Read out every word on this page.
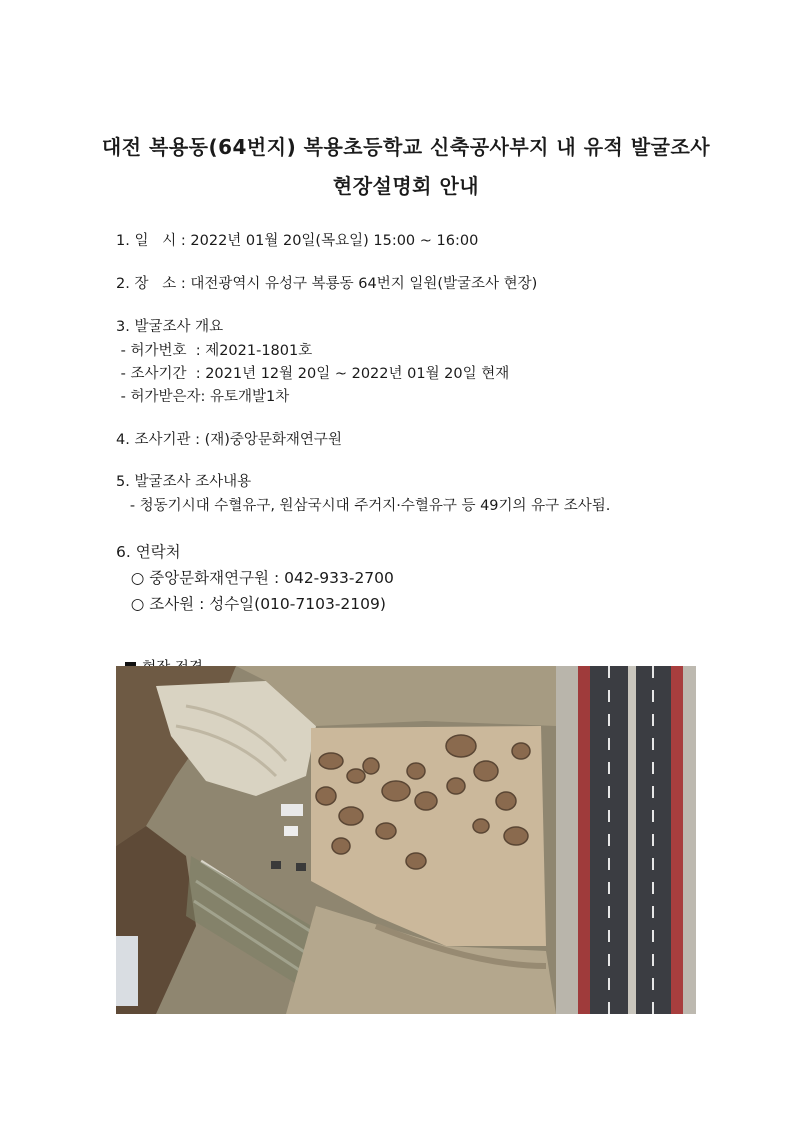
대전 복용동(64번지) 복용초등학교 신축공사부지 내 유적 발굴조사
현장설명회 안내
1. 일   시 : 2022년 01월 20일(목요일) 15:00 ~ 16:00
2. 장   소 : 대전광역시 유성구 복룡동 64번지 일원(발굴조사 현장)
3. 발굴조사 개요
- 허가번호  : 제2021-1801호
- 조사기간  : 2021년 12월 20일 ~ 2022년 01월 20일 현재
- 허가받은자: 유토개발1차
4. 조사기관 : (재)중앙문화재연구원
5. 발굴조사 조사내용
- 청동기시대 수혈유구, 원삼국시대 주거지·수혈유구 등 49기의 유구 조사됨.
6. 연락처
○ 중앙문화재연구원 : 042-933-2700
○ 조사원 : 성수일(010-7103-2109)
